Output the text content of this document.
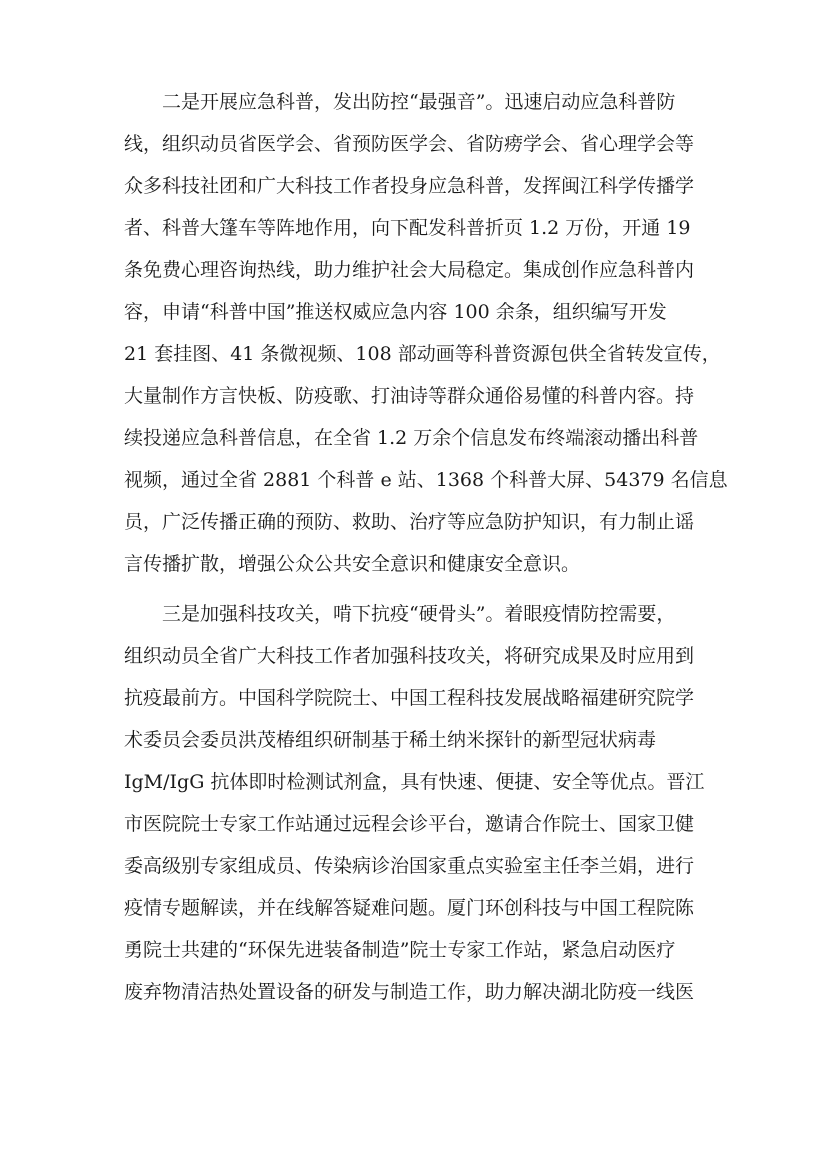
二是开展应急科普，发出防控“最强音”。迅速启动应急科普防
线，组织动员省医学会、省预防医学会、省防痨学会、省心理学会等
众多科技社团和广大科技工作者投身应急科普，发挥闽江科学传播学
者、科普大篷车等阵地作用，向下配发科普折页 1.2 万份，开通 19
条免费心理咨询热线，助力维护社会大局稳定。集成创作应急科普内
容，申请“科普中国”推送权威应急内容 100 余条，组织编写开发
21 套挂图、41 条微视频、108 部动画等科普资源包供全省转发宣传，
大量制作方言快板、防疫歌、打油诗等群众通俗易懂的科普内容。持
续投递应急科普信息，在全省 1.2 万余个信息发布终端滚动播出科普
视频，通过全省 2881 个科普 e 站、1368 个科普大屏、54379 名信息
员，广泛传播正确的预防、救助、治疗等应急防护知识，有力制止谣
言传播扩散，增强公众公共安全意识和健康安全意识。
三是加强科技攻关，啃下抗疫“硬骨头”。着眼疫情防控需要，
组织动员全省广大科技工作者加强科技攻关，将研究成果及时应用到
抗疫最前方。中国科学院院士、中国工程科技发展战略福建研究院学
术委员会委员洪茂椿组织研制基于稀土纳米探针的新型冠状病毒
IgM/IgG 抗体即时检测试剂盒，具有快速、便捷、安全等优点。晋江
市医院院士专家工作站通过远程会诊平台，邀请合作院士、国家卫健
委高级别专家组成员、传染病诊治国家重点实验室主任李兰娟，进行
疫情专题解读，并在线解答疑难问题。厦门环创科技与中国工程院陈
勇院士共建的“环保先进装备制造”院士专家工作站，紧急启动医疗
废弃物清洁热处置设备的研发与制造工作，助力解决湖北防疫一线医
